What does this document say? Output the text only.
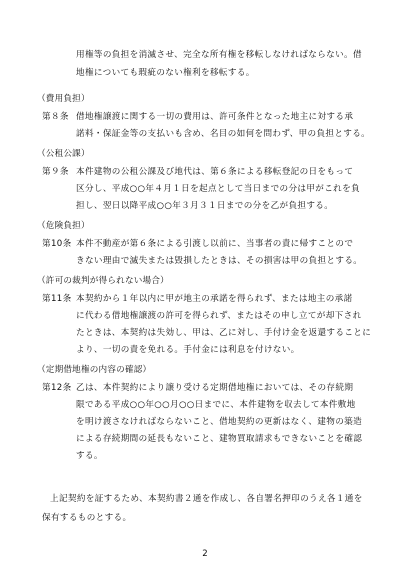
用権等の負担を消滅させ、完全な所有権を移転しなければならない。借
地権についても瑕疵のない権利を移転する。
（費用負担）
第８条 借地権譲渡に関する一切の費用は、許可条件となった地主に対する承
諾料・保証金等の支払いも含め、名目の如何を問わず、甲の負担とする。
（公租公課）
第９条 本件建物の公租公課及び地代は、第６条による移転登記の日をもって
区分し、平成○○年４月１日を起点として当日までの分は甲がこれを負
担し、翌日以降平成○○年３月３１日までの分を乙が負担する。
（危険負担）
第10条 本件不動産が第６条による引渡し以前に、当事者の責に帰すことので
きない理由で滅失または毀損したときは、その損害は甲の負担とする。
（許可の裁判が得られない場合）
第11条 本契約から１年以内に甲が地主の承諾を得られず、または地主の承諾
に代わる借地権譲渡の許可を得られず、またはその申し立てが却下され
たときは、本契約は失効し、甲は、乙に対し、手付け金を返還することに
より、一切の責を免れる。手付金には利息を付けない。
（定期借地権の内容の確認）
第12条 乙は、本件契約により譲り受ける定期借地権においては、その存続期
限である平成○○年○○月○○日までに、本件建物を収去して本件敷地
を明け渡さなければならないこと、借地契約の更新はなく、建物の築造
による存続期間の延長もないこと、建物買取請求もできないことを確認
する。
上記契約を証するため、本契約書２通を作成し、各自署名押印のうえ各１通を
保有するものとする。
2
